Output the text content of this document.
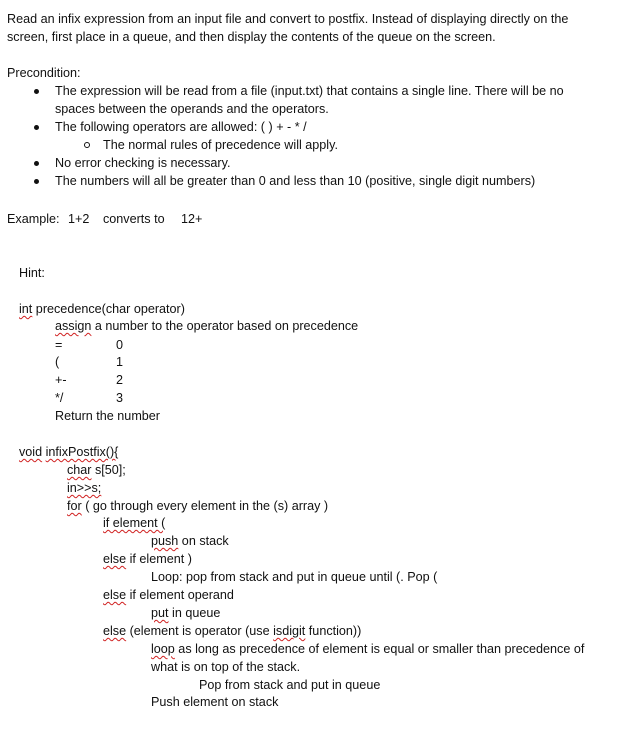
Read an infix expression from an input file and convert to postfix. Instead of displaying directly on the
screen, first place in a queue, and then display the contents of the queue on the screen.
Precondition:
The expression will be read from a file (input.txt) that contains a single line. There will be no
spaces between the operands and the operators.
The following operators are allowed: ( ) + - * /
The normal rules of precedence will apply.
No error checking is necessary.
The numbers will all be greater than 0 and less than 10 (positive, single digit numbers)
Example: 1+2 converts to 12+
Hint:
int precedence(char operator)
assign a number to the operator based on precedence
=	0
(	1
+-	2
*/	3
Return the number
void infixPostfix(){
char s[50];
in>>s;
for ( go through every element in the (s) array )
if element (
push on stack
else if element )
Loop: pop from stack and put in queue until (. Pop (
else if element operand
put in queue
else (element is operator (use isdigit function))
loop as long as precedence of element is equal or smaller than precedence of
what is on top of the stack.
Pop from stack and put in queue
Push element on stack
